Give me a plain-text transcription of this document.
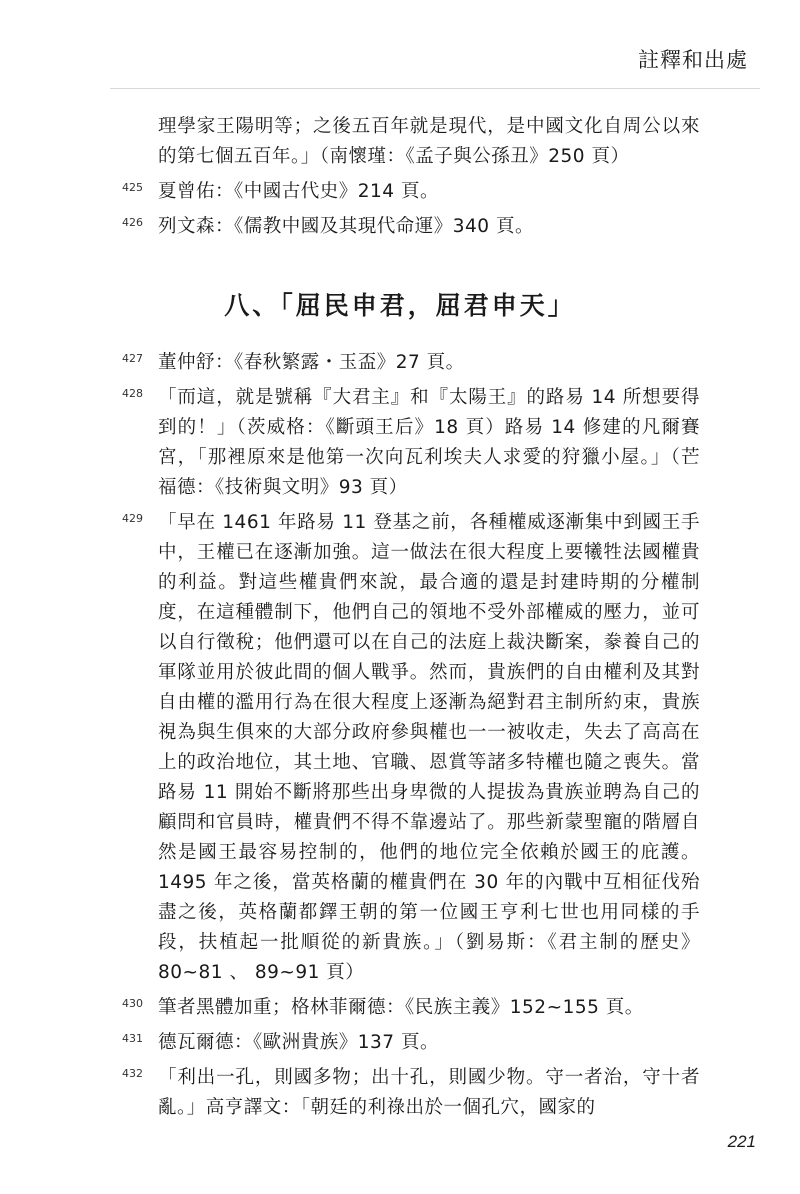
註釋和出處
理學家王陽明等；之後五百年就是現代，是中國文化自周公以來的第七個五百年。」（南懷瑾：《孟子與公孫丑》250 頁）
425 夏曾佑：《中國古代史》214 頁。
426 列文森：《儒教中國及其現代命運》340 頁。
八、「屈民申君，屈君申天」
427 董仲舒：《春秋繁露・玉盃》27 頁。
428 「而這，就是號稱『大君主』和『太陽王』的路易 14 所想要得到的！」（茨威格：《斷頭王后》18 頁）路易 14 修建的凡爾賽宮，「那裡原來是他第一次向瓦利埃夫人求愛的狩獵小屋。」（芒福德：《技術與文明》93 頁）
429 「早在 1461 年路易 11 登基之前，各種權威逐漸集中到國王手中，王權已在逐漸加強。這一做法在很大程度上要犧牲法國權貴的利益。對這些權貴們來說，最合適的還是封建時期的分權制度，在這種體制下，他們自己的領地不受外部權威的壓力，並可以自行徵稅；他們還可以在自己的法庭上裁決斷案，豢養自己的軍隊並用於彼此間的個人戰爭。然而，貴族們的自由權利及其對自由權的濫用行為在很大程度上逐漸為絕對君主制所約束，貴族視為與生俱來的大部分政府參與權也一一被收走，失去了高高在上的政治地位，其土地、官職、恩賞等諸多特權也隨之喪失。當路易 11 開始不斷將那些出身卑微的人提拔為貴族並聘為自己的顧問和官員時，權貴們不得不靠邊站了。那些新蒙聖寵的階層自然是國王最容易控制的，他們的地位完全依賴於國王的庇護。1495 年之後，當英格蘭的權貴們在 30 年的內戰中互相征伐殆盡之後，英格蘭都鐸王朝的第一位國王亨利七世也用同樣的手段，扶植起一批順從的新貴族。」（劉易斯：《君主制的歷史》80~81 、 89~91 頁）
430 筆者黑體加重；格林菲爾德：《民族主義》152~155 頁。
431 德瓦爾德：《歐洲貴族》137 頁。
432 「利出一孔，則國多物；出十孔，則國少物。守一者治，守十者亂。」高亨譯文：「朝廷的利祿出於一個孔穴，國家的
221
